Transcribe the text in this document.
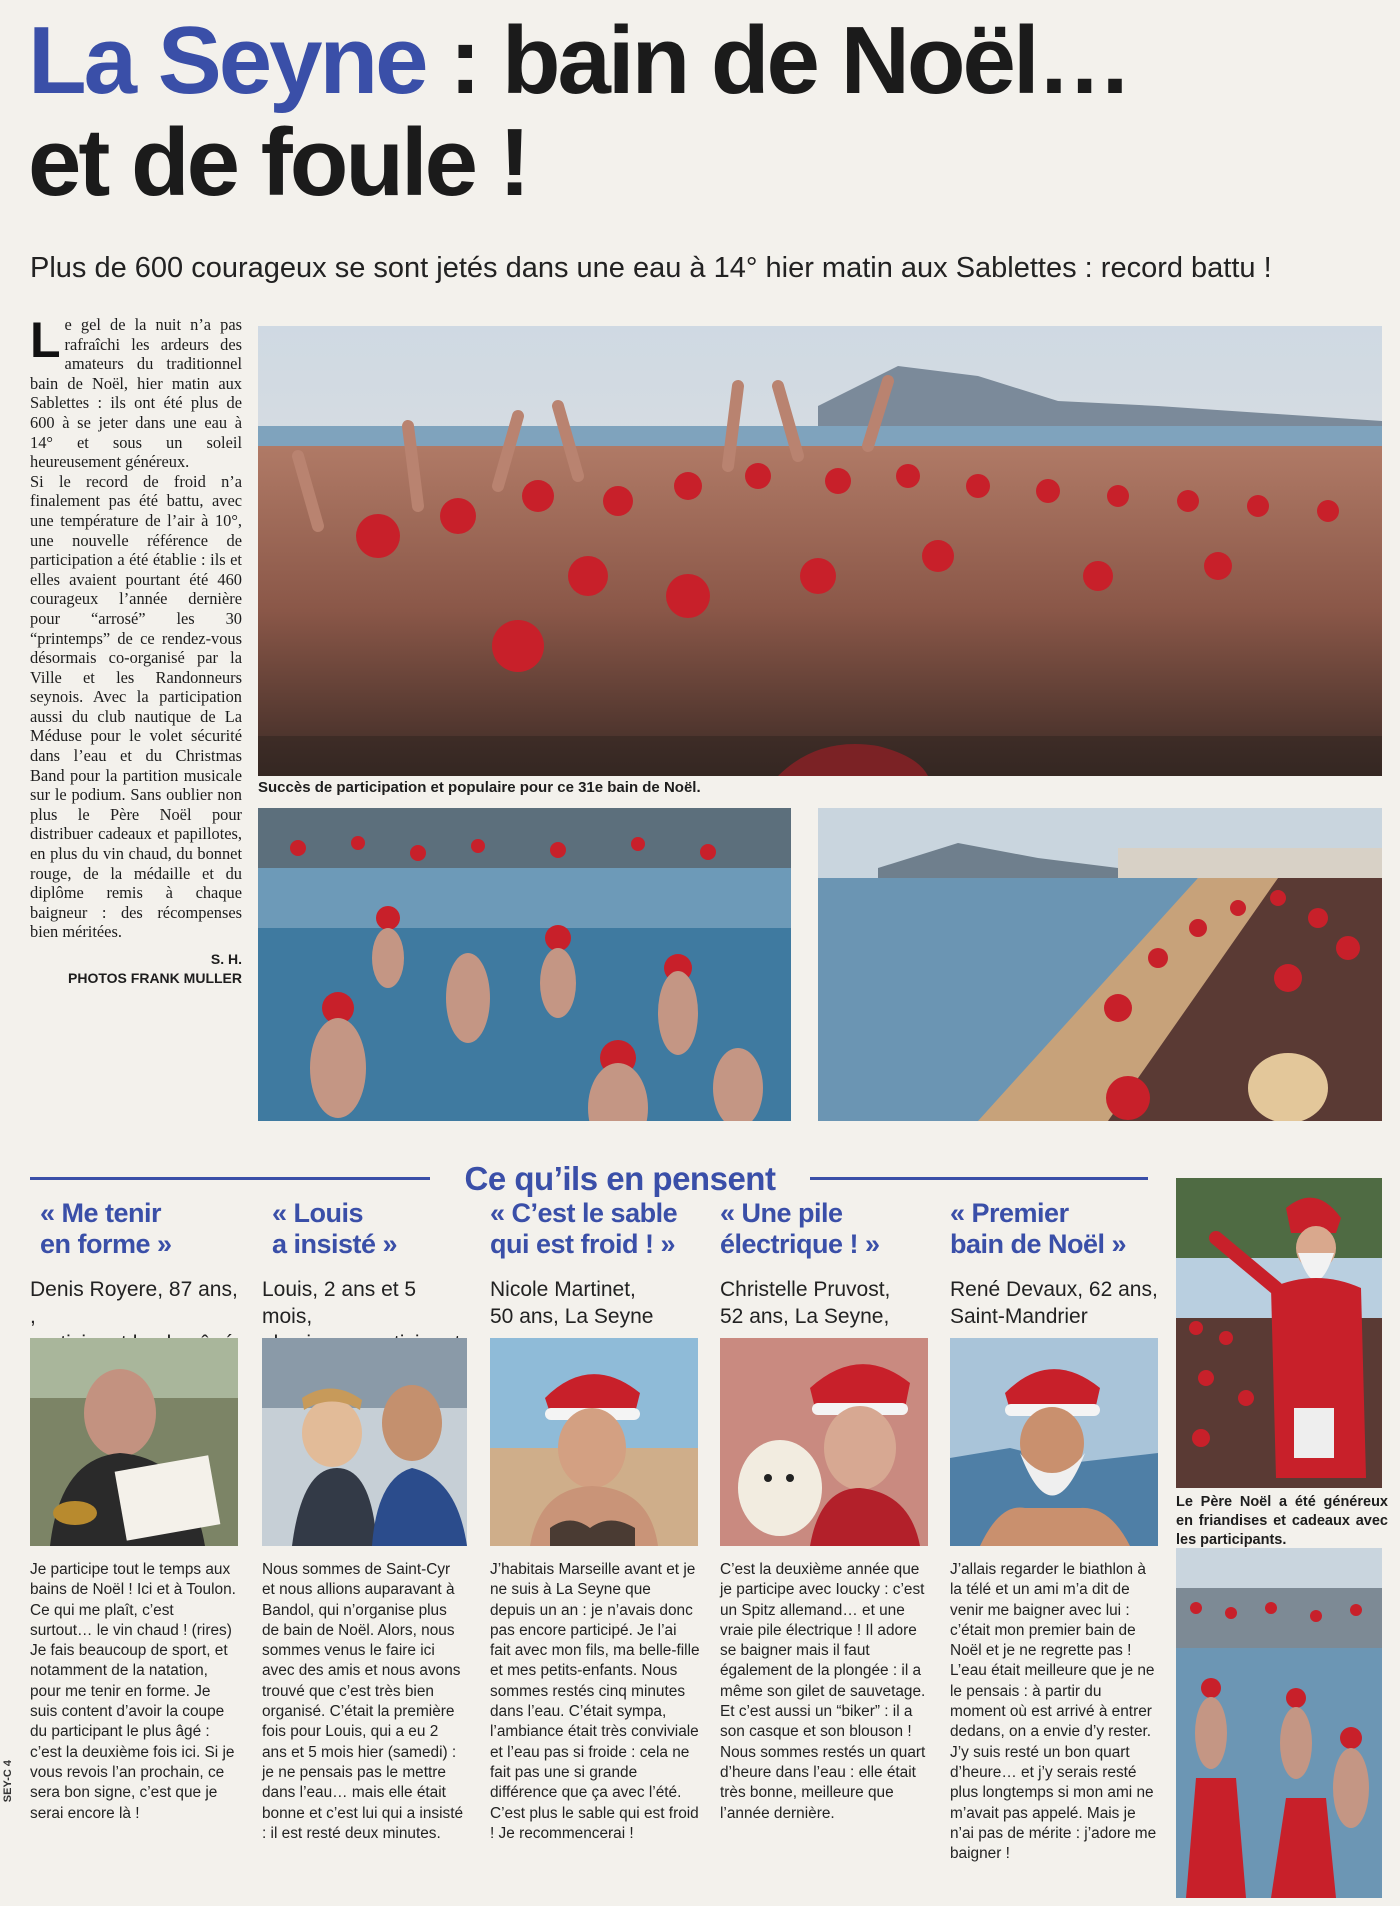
La Seyne : bain de Noël…
et de foule !
Plus de 600 courageux se sont jetés dans une eau à 14° hier matin aux Sablettes : record battu !

Le gel de la nuit n’a pas rafraîchi les ardeurs des amateurs du traditionnel bain de Noël, hier matin aux Sablettes : ils ont été plus de 600 à se jeter dans une eau à 14° et sous un soleil heureusement généreux.

Si le record de froid n’a finalement pas été battu, avec une température de l’air à 10°, une nouvelle référence de participation a été établie : ils et elles avaient pourtant été 460 courageux l’année dernière pour “arrosé” les 30 “printemps” de ce rendez-vous désormais co-organisé par la Ville et les Randonneurs seynois. Avec la participation aussi du club nautique de La Méduse pour le volet sécurité dans l’eau et du Christmas Band pour la partition musicale sur le podium. Sans oublier non plus le Père Noël pour distribuer cadeaux et papillotes, en plus du vin chaud, du bonnet rouge, de la médaille et du diplôme remis à chaque baigneur : des récompenses bien méritées.

S. H.
PHOTOS FRANK MULLER
Succès de participation et populaire pour ce 31e bain de Noël.
Ce qu’ils en pensent
« Me tenir
en forme »
Denis Royere, 87 ans, ,
Je participe tout le temps aux bains de Noël ! Ici et à Toulon. Ce qui me plaît, c’est surtout… le vin chaud ! (rires) Je fais beaucoup de sport, et notamment de la natation, pour me tenir en forme. Je suis content d’avoir la coupe du participant le plus âgé : c’est la deuxième fois ici. Si je vous revois l’an prochain, ce sera bon signe, c’est que je serai encore là !
« Louis
a insisté »
Louis, 2 ans et 5 mois,
Nous sommes de Saint-Cyr et nous allions auparavant à Bandol, qui n’organise plus de bain de Noël. Alors, nous sommes venus le faire ici avec des amis et nous avons trouvé que c’est très bien organisé. C’était la première fois pour Louis, qui a eu 2 ans et 5 mois hier (samedi) : je ne pensais pas le mettre dans l’eau… mais elle était bonne et c’est lui qui a insisté : il est resté deux minutes.
« C’est le sable
qui est froid ! »
Nicole Martinet,
50 ans, La Seyne
J’habitais Marseille avant et je ne suis à La Seyne que depuis un an : je n’avais donc pas encore participé. Je l’ai fait avec mon fils, ma belle-fille et mes petits-enfants. Nous sommes restés cinq minutes dans l’eau. C’était sympa, l’ambiance était très conviviale et l’eau pas si froide : cela ne fait pas une si grande différence que ça avec l’été. C’est plus le sable qui est froid ! Je recommencerai !
« Une pile
électrique ! »
Christelle Pruvost,
52 ans, La Seyne,
C’est la deuxième année que je participe avec Ioucky : c’est un Spitz allemand… et une vraie pile électrique ! Il adore se baigner mais il faut également de la plongée : il a même son gilet de sauvetage. Et c’est aussi un “biker” : il a son casque et son blouson ! Nous sommes restés un quart d’heure dans l’eau : elle était très bonne, meilleure que l’année dernière.
« Premier
bain de Noël »
René Devaux, 62 ans,
Saint-Mandrier
J’allais regarder le biathlon à la télé et un ami m’a dit de venir me baigner avec lui : c’était mon premier bain de Noël et je ne regrette pas ! L’eau était meilleure que je ne le pensais : à partir du moment où est arrivé à entrer dedans, on a envie d’y rester. J’y suis resté un bon quart d’heure… et j’y serais resté plus longtemps si mon ami ne m’avait pas appelé. Mais je n’ai pas de mérite : j’adore me baigner !
Le Père Noël a été généreux en friandises et cadeaux avec les participants.
SEY-C 4
